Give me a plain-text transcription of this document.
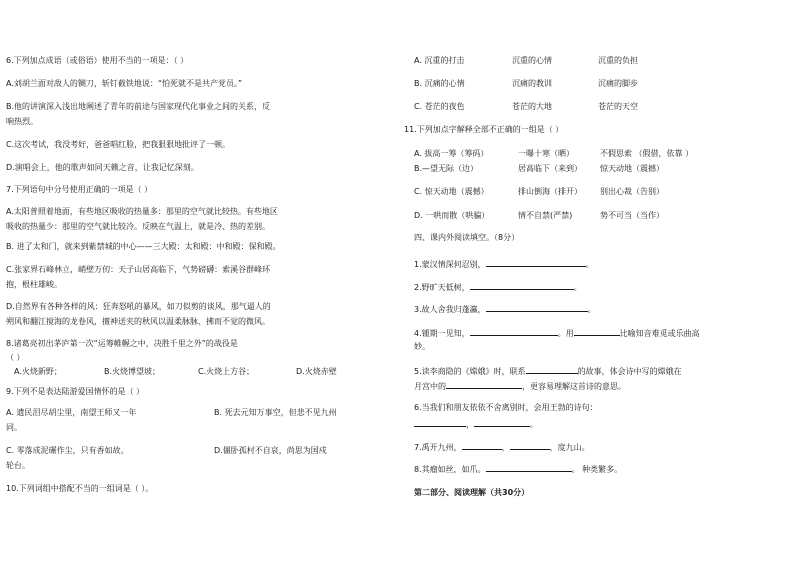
6.下列加点成语（或俗语）使用不当的一项是：（ ）

A.刘胡兰面对敌人的铡刀，斩钉截铁地说：“怕死就不是共产党员。”

B.他的讲演深入浅出地阐述了青年的前途与国家现代化事业之间的关系，反

响热烈。

C.这次考试，我没考好，爸爸唱红脸，把我狠狠地批评了一顿。

D.演唱会上，他的歌声如同天籁之音，让我记忆深刻。

7.下列语句中分号使用正确的一项是（ ）

A.太阳普照着地面，有些地区吸收的热量多：那里的空气就比较热。有些地区

吸收的热量少：那里的空气就比较冷。反映在气温上，就是冷、热的差别。

B. 进了太和门，就来到紫禁城的中心——三大殿：太和殿：中和殿：保和殿。

C.张家界石峰林立，峭壁万仞：天子山居高临下，气势磅礴：索溪谷群峰环

抱，根柱雄峻。

D.自然界有各种各样的风：狂奔怒吼的暴风，如刀似剪的谈风，那气逼人的

朔风和翻江搅海的龙卷风，擅神送夹的秋风以温柔脉脉、拂而不觉的微风。

8.诸葛亮初出茅庐第一次“运筹帷幄之中，决胜千里之外”的战役是

（ ）

A.火烧新野；	B.火烧博望坡；	C.火烧上方谷；	D.火烧赤壁

9.下列不是表达陆游爱国情怀的是（ ）

A. 遗民泪尽胡尘里，南望王师又一年	B. 死去元知万事空，但悲不见九州

同。

C. 零落成泥碾作尘，只有香如故。	D.僵卧孤村不自哀，尚思为国戍

轮台。

10.下列词组中搭配不当的一组词是（ ）。

A. 沉重的打击	沉重的心情	沉重的负担

B. 沉痛的心情	沉痛的教训	沉痛的脚步

C. 苍茫的夜色	苍茫的大地	苍茫的天空

11.下列加点字解释全部不正确的一组是（ ）

A. 拔高一筹（筹码）	一曝十寒（晒）	不假思索 （假借，依靠 ）

B.—望无际（边）	居高临下（来到） 惊天动地（震撼）

C. 惊天动地（震撼）	排山倒海（排开） 别出心裁（告别）

D. 一哄而散（哄骗）	情不自禁(严禁)	势不可当（当作）

四、课内外阅读填空。（8分）

1.蒙汉情深何忍别，	。

2.野旷天低树，	。

3.故人舍我归蓬瀛，	。

4.锺期一见知，	。用	比喻知音难觅或乐曲高

妙。

5.读李商隐的《嫦娥》时，联系	的故事，体会诗中写的嫦娥在

月宫中的	，更容易理解这首诗的意思。

6.当我们和朋友依依不舍离别时，会用王勃的诗句：

，	。

7.禹开九州，	，	，度九山。

8.其瘤如丝，如爪。	。 种类繁多。

第二部分、阅读理解（共30分）
